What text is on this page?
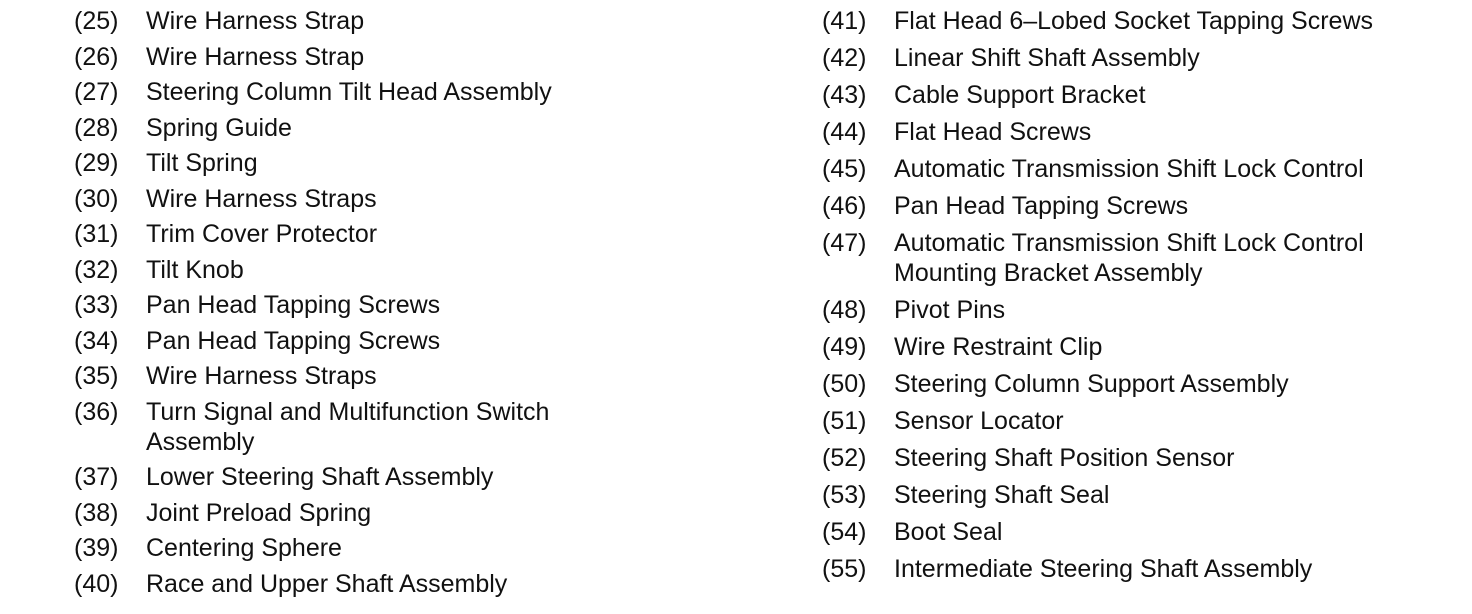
(25)	Wire Harness Strap
(26)	Wire Harness Strap
(27)	Steering Column Tilt Head Assembly
(28)	Spring Guide
(29)	Tilt Spring
(30)	Wire Harness Straps
(31)	Trim Cover Protector
(32)	Tilt Knob
(33)	Pan Head Tapping Screws
(34)	Pan Head Tapping Screws
(35)	Wire Harness Straps
(36)	Turn Signal and Multifunction Switch Assembly
(37)	Lower Steering Shaft Assembly
(38)	Joint Preload Spring
(39)	Centering Sphere
(40)	Race and Upper Shaft Assembly
(41)	Flat Head 6–Lobed Socket Tapping Screws
(42)	Linear Shift Shaft Assembly
(43)	Cable Support Bracket
(44)	Flat Head Screws
(45)	Automatic Transmission Shift Lock Control
(46)	Pan Head Tapping Screws
(47)	Automatic Transmission Shift Lock Control Mounting Bracket Assembly
(48)	Pivot Pins
(49)	Wire Restraint Clip
(50)	Steering Column Support Assembly
(51)	Sensor Locator
(52)	Steering Shaft Position Sensor
(53)	Steering Shaft Seal
(54)	Boot Seal
(55)	Intermediate Steering Shaft Assembly
